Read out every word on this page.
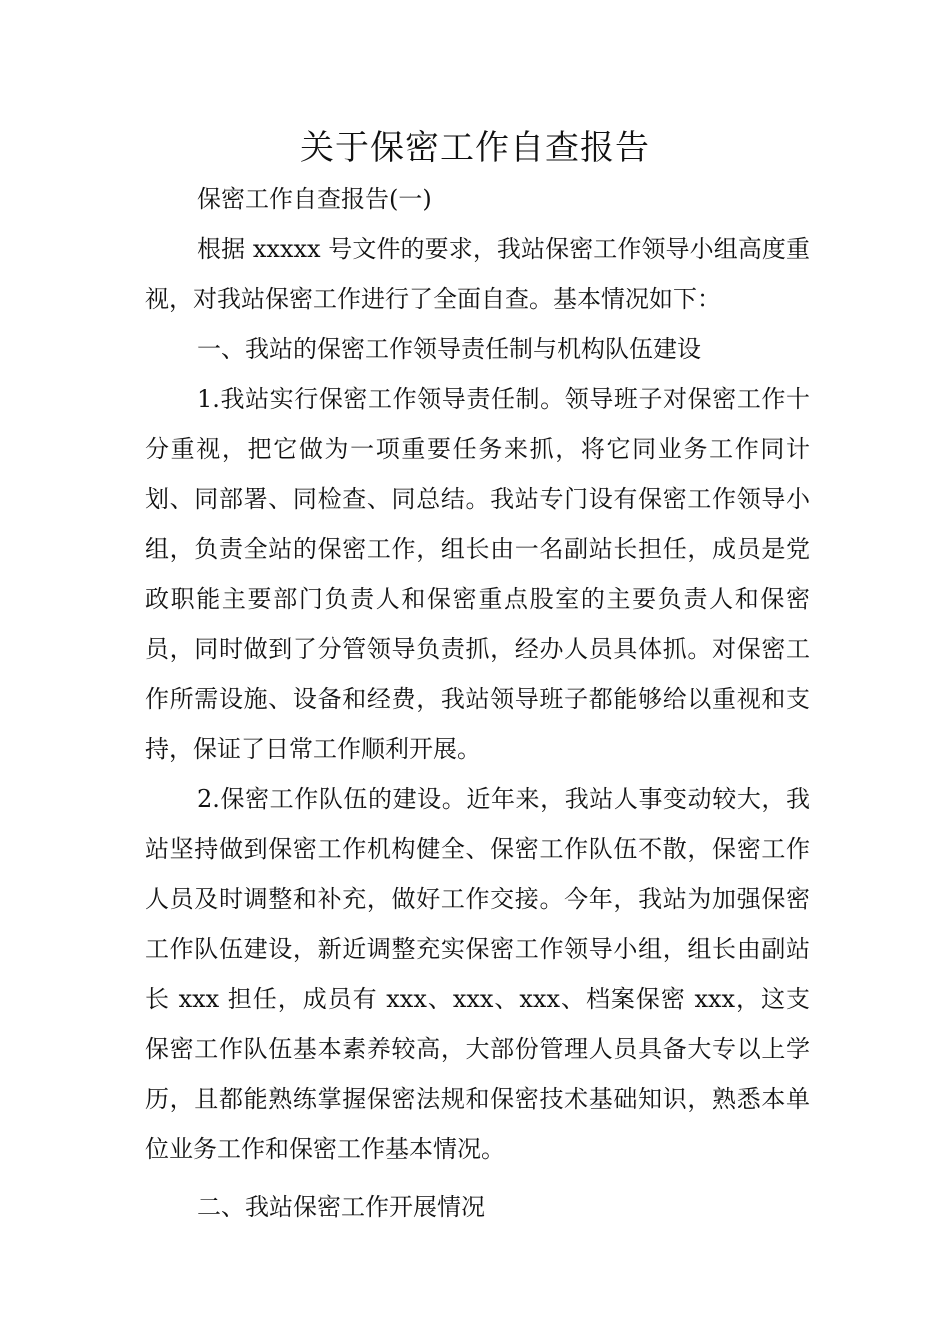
关于保密工作自查报告

保密工作自查报告(一)

根据 xxxxx 号文件的要求，我站保密工作领导小组高度重视，对我站保密工作进行了全面自查。基本情况如下：

一、我站的保密工作领导责任制与机构队伍建设

1.我站实行保密工作领导责任制。领导班子对保密工作十分重视，把它做为一项重要任务来抓，将它同业务工作同计划、同部署、同检查、同总结。我站专门设有保密工作领导小组，负责全站的保密工作，组长由一名副站长担任，成员是党政职能主要部门负责人和保密重点股室的主要负责人和保密员，同时做到了分管领导负责抓，经办人员具体抓。对保密工作所需设施、设备和经费，我站领导班子都能够给以重视和支持，保证了日常工作顺利开展。

2.保密工作队伍的建设。近年来，我站人事变动较大，我站坚持做到保密工作机构健全、保密工作队伍不散，保密工作人员及时调整和补充，做好工作交接。今年，我站为加强保密工作队伍建设，新近调整充实保密工作领导小组，组长由副站长 xxx 担任，成员有 xxx、xxx、xxx、档案保密 xxx，这支保密工作队伍基本素养较高，大部份管理人员具备大专以上学历，且都能熟练掌握保密法规和保密技术基础知识，熟悉本单位业务工作和保密工作基本情况。

二、我站保密工作开展情况
